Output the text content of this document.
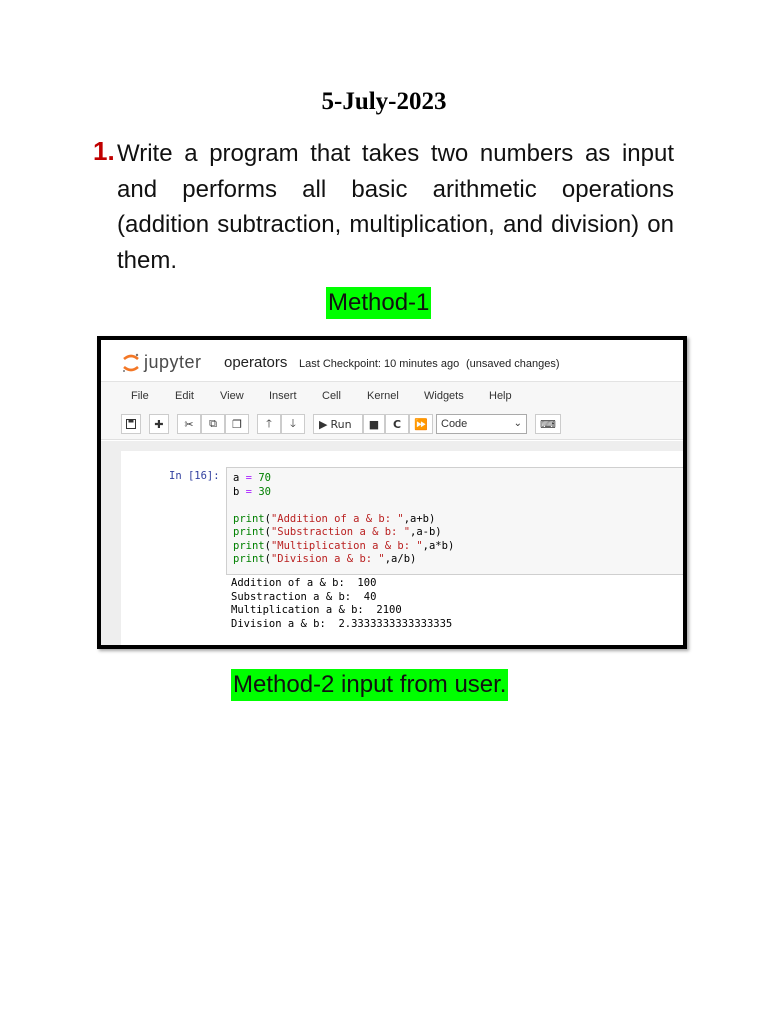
5-July-2023
1. Write a program that takes two numbers as input and performs all basic arithmetic operations (addition subtraction, multiplication, and division) on them.
Method-1
jupyter operators Last Checkpoint: 10 minutes ago (unsaved changes)
File Edit View Insert Cell Kernel Widgets Help
✚ ✂ ⧉ ❐ 🡑 🡓 ▶ Run ■ C ⏩	Code	⌄ ⌨
In [16]: a = 70
b = 30

print("Addition of a & b: ",a+b)
print("Substraction a & b: ",a-b)
print("Multiplication a & b: ",a*b)
print("Division a & b: ",a/b)
Addition of a & b:  100
Substraction a & b:  40
Multiplication a & b:  2100
Division a & b:  2.3333333333333335
Method-2 input from user.
